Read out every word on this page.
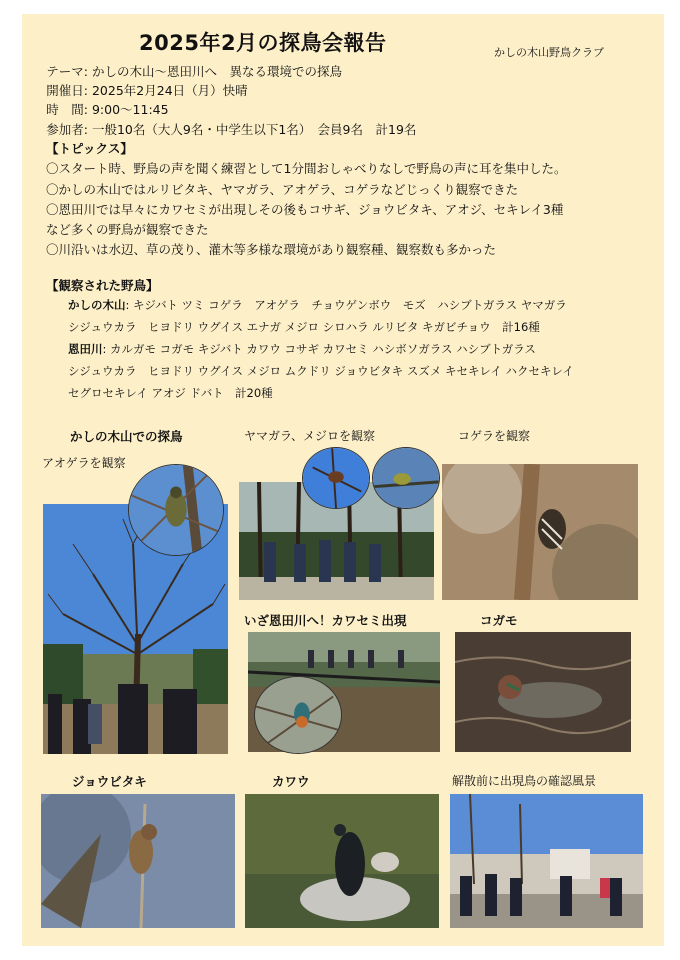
2025年2月の探鳥会報告	かしの木山野鳥クラブ
テーマ: かしの木山〜恩田川へ　異なる環境での探鳥
開催日: 2025年2月24日（月）快晴
時　間: 9:00〜11:45
参加者: 一般10名（大人9名・中学生以下1名）　会員9名　計19名
【トピックス】
〇スタート時、野鳥の声を聞く練習として1分間おしゃべりなしで野鳥の声に耳を集中した。
〇かしの木山ではルリビタキ、ヤマガラ、アオゲラ、コゲラなどじっくり観察できた
〇恩田川では早々にカワセミが出現しその後もコサギ、ジョウビタキ、アオジ、セキレイ3種
など多くの野鳥が観察できた
〇川沿いは水辺、草の茂り、灌木等多様な環境があり観察種、観察数も多かった
【観察された野鳥】
かしの木山: キジバト ツミ コゲラ　アオゲラ　チョウゲンボウ　モズ　ハシブトガラス ヤマガラ
シジュウカラ　ヒヨドリ ウグイス エナガ メジロ シロハラ ルリビタ キガビチョウ　計16種
恩田川: カルガモ コガモ キジバト カワウ コサギ カワセミ ハシボソガラス ハシブトガラス
シジュウカラ　ヒヨドリ ウグイス メジロ ムクドリ ジョウビタキ スズメ キセキレイ ハクセキレイ
セグロセキレイ アオジ ドバト　計20種
かしの木山での探鳥
アオゲラを観察
ヤマガラ、メジロを観察	コゲラを観察
いざ恩田川へ！カワセミ出現	コガモ
ジョウビタキ	カワウ	解散前に出現鳥の確認風景
